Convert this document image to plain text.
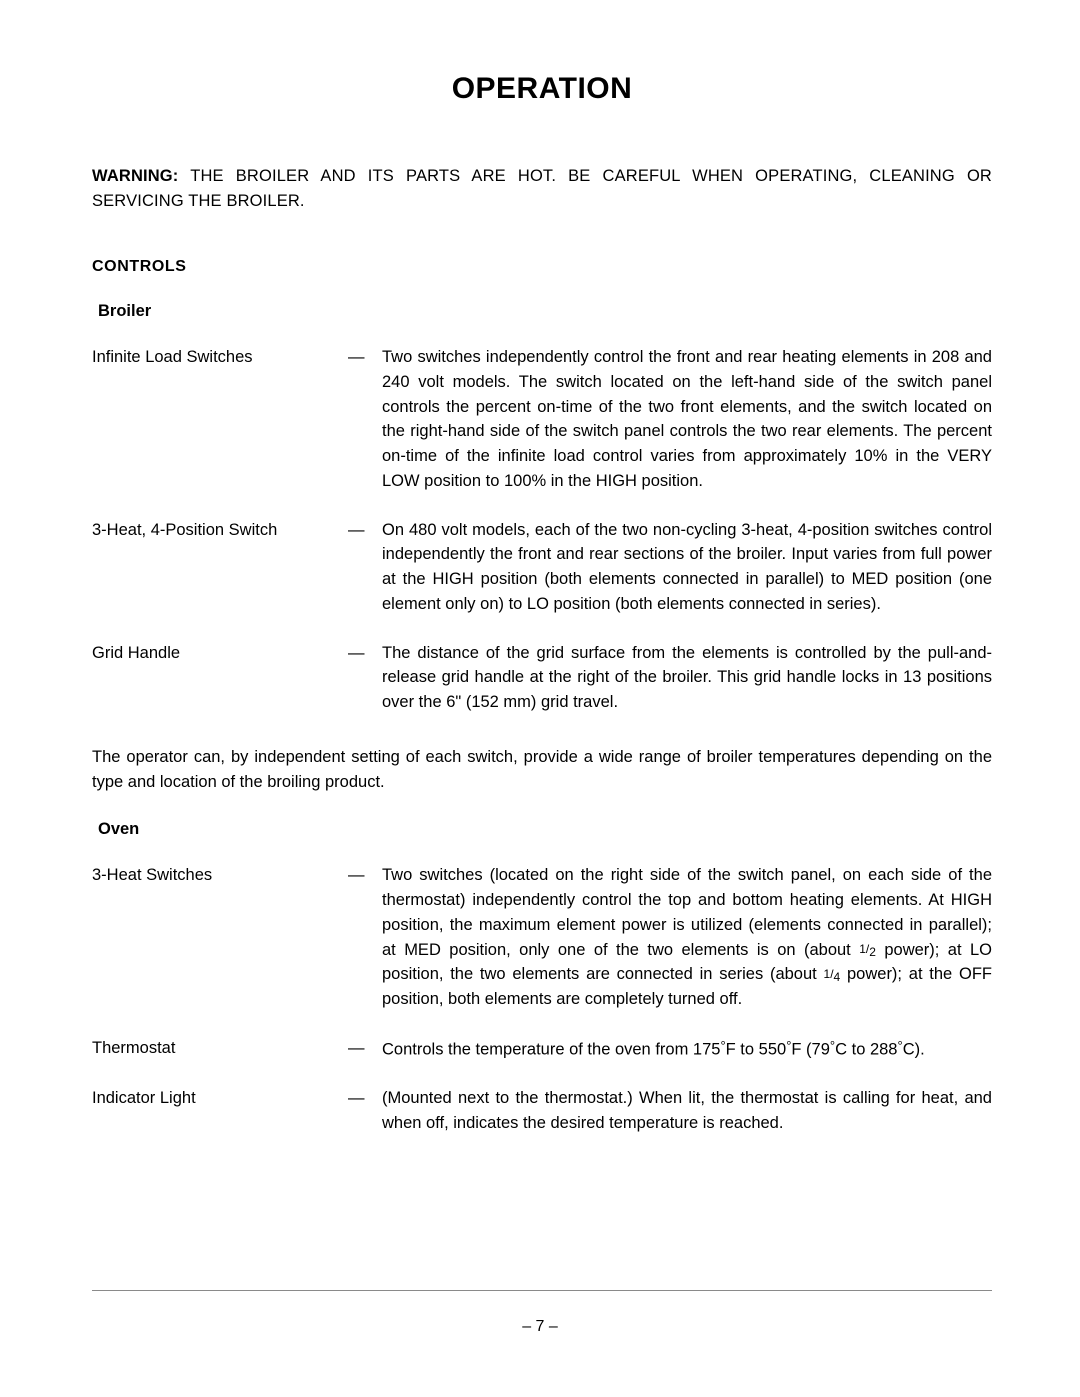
OPERATION
WARNING: THE BROILER AND ITS PARTS ARE HOT. BE CAREFUL WHEN OPERATING, CLEANING OR SERVICING THE BROILER.
CONTROLS
Broiler
Infinite Load Switches	—	Two switches independently control the front and rear heating elements in 208 and 240 volt models. The switch located on the left-hand side of the switch panel controls the percent on-time of the two front elements, and the switch located on the right-hand side of the switch panel controls the two rear elements. The percent on-time of the infinite load control varies from approximately 10% in the VERY LOW position to 100% in the HIGH position.
3-Heat, 4-Position Switch	—	On 480 volt models, each of the two non-cycling 3-heat, 4-position switches control independently the front and rear sections of the broiler. Input varies from full power at the HIGH position (both elements connected in parallel) to MED position (one element only on) to LO position (both elements connected in series).
Grid Handle	—	The distance of the grid surface from the elements is controlled by the pull-and-release grid handle at the right of the broiler. This grid handle locks in 13 positions over the 6" (152 mm) grid travel.
The operator can, by independent setting of each switch, provide a wide range of broiler temperatures depending on the type and location of the broiling product.
Oven
3-Heat Switches	—	Two switches (located on the right side of the switch panel, on each side of the thermostat) independently control the top and bottom heating elements. At HIGH position, the maximum element power is utilized (elements connected in parallel); at MED position, only one of the two elements is on (about 1/2 power); at LO position, the two elements are connected in series (about 1/4 power); at the OFF position, both elements are completely turned off.

Thermostat	—	Controls the temperature of the oven from 175°F to 550°F (79°C to 288°C).

Indicator Light	—	(Mounted next to the thermostat.) When lit, the thermostat is calling for heat, and when off, indicates the desired temperature is reached.
– 7 –
